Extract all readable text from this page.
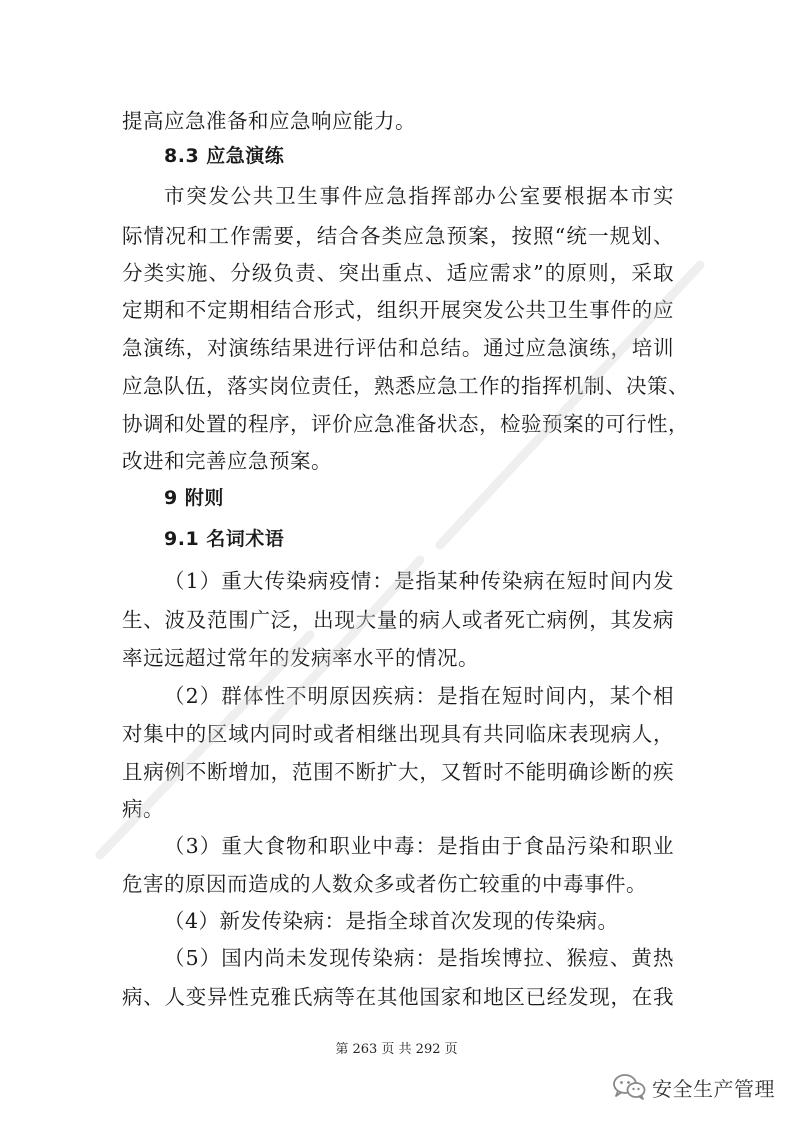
提高应急准备和应急响应能力。
8.3 应急演练
市突发公共卫生事件应急指挥部办公室要根据本市实
际情况和工作需要，结合各类应急预案，按照“统一规划、
分类实施、分级负责、突出重点、适应需求”的原则，采取
定期和不定期相结合形式，组织开展突发公共卫生事件的应
急演练，对演练结果进行评估和总结。通过应急演练，培训
应急队伍，落实岗位责任，熟悉应急工作的指挥机制、决策、
协调和处置的程序，评价应急准备状态，检验预案的可行性，
改进和完善应急预案。
9 附则
9.1 名词术语
（1）重大传染病疫情：是指某种传染病在短时间内发
生、波及范围广泛，出现大量的病人或者死亡病例，其发病
率远远超过常年的发病率水平的情况。
（2）群体性不明原因疾病：是指在短时间内，某个相
对集中的区域内同时或者相继出现具有共同临床表现病人，
且病例不断增加，范围不断扩大，又暂时不能明确诊断的疾
病。
（3）重大食物和职业中毒：是指由于食品污染和职业
危害的原因而造成的人数众多或者伤亡较重的中毒事件。
（4）新发传染病：是指全球首次发现的传染病。
（5）国内尚未发现传染病：是指埃博拉、猴痘、黄热
病、人变异性克雅氏病等在其他国家和地区已经发现，在我
第 263 页 共 292 页
安全生产管理
